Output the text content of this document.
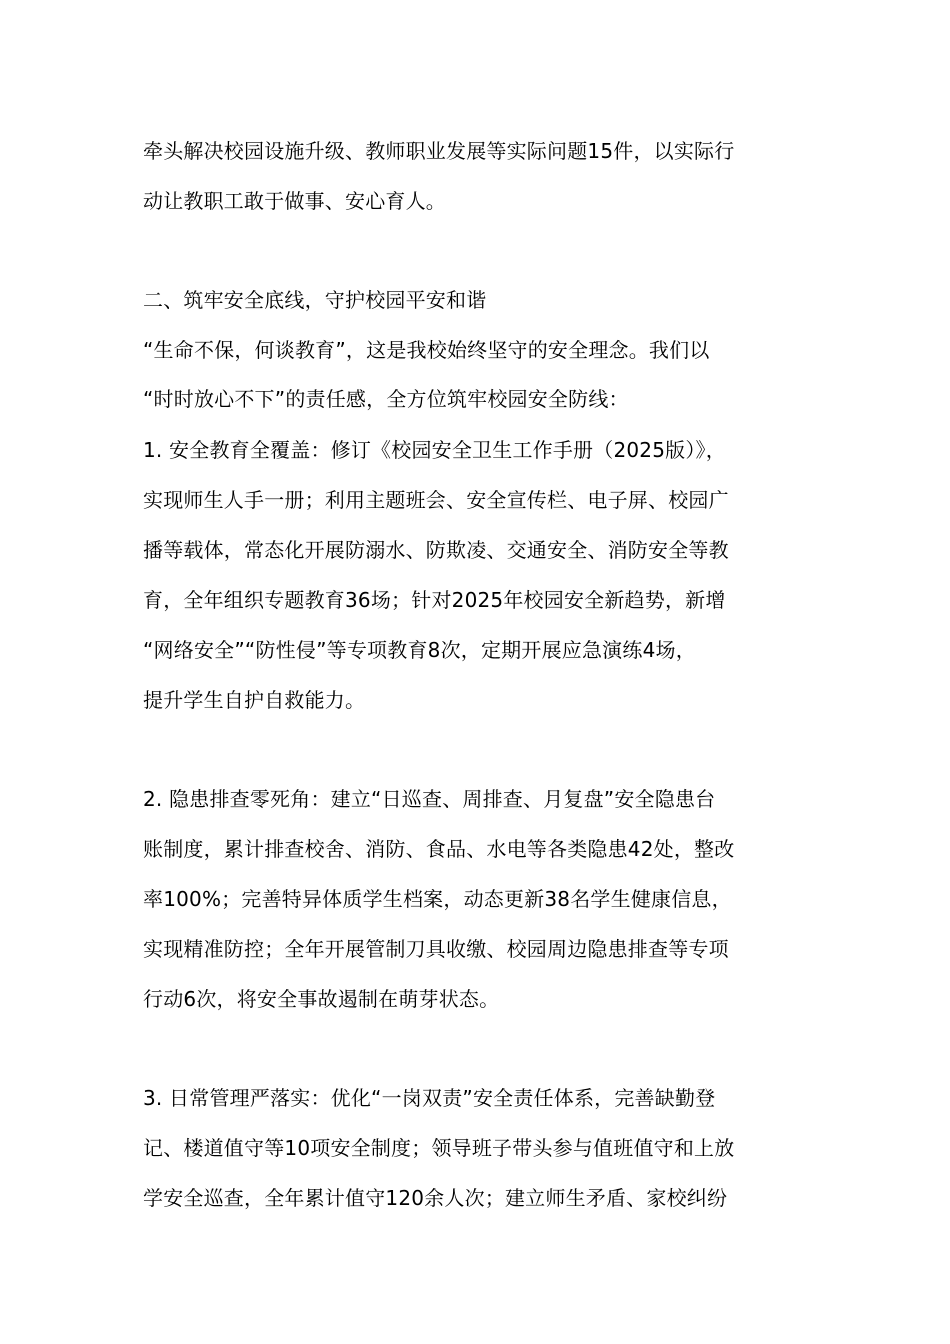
牵头解决校园设施升级、教师职业发展等实际问题15件，以实际行
动让教职工敢于做事、安心育人。
二、筑牢安全底线，守护校园平安和谐
“生命不保，何谈教育”，这是我校始终坚守的安全理念。我们以
“时时放心不下”的责任感，全方位筑牢校园安全防线：
1. 安全教育全覆盖：修订《校园安全卫生工作手册（2025版）》，
实现师生人手一册；利用主题班会、安全宣传栏、电子屏、校园广
播等载体，常态化开展防溺水、防欺凌、交通安全、消防安全等教
育，全年组织专题教育36场；针对2025年校园安全新趋势，新增
“网络安全”“防性侵”等专项教育8次，定期开展应急演练4场，
提升学生自护自救能力。
2. 隐患排查零死角：建立“日巡查、周排查、月复盘”安全隐患台
账制度，累计排查校舍、消防、食品、水电等各类隐患42处，整改
率100%；完善特异体质学生档案，动态更新38名学生健康信息，
实现精准防控；全年开展管制刀具收缴、校园周边隐患排查等专项
行动6次，将安全事故遏制在萌芽状态。
3. 日常管理严落实：优化“一岗双责”安全责任体系，完善缺勤登
记、楼道值守等10项安全制度；领导班子带头参与值班值守和上放
学安全巡查，全年累计值守120余人次；建立师生矛盾、家校纠纷
